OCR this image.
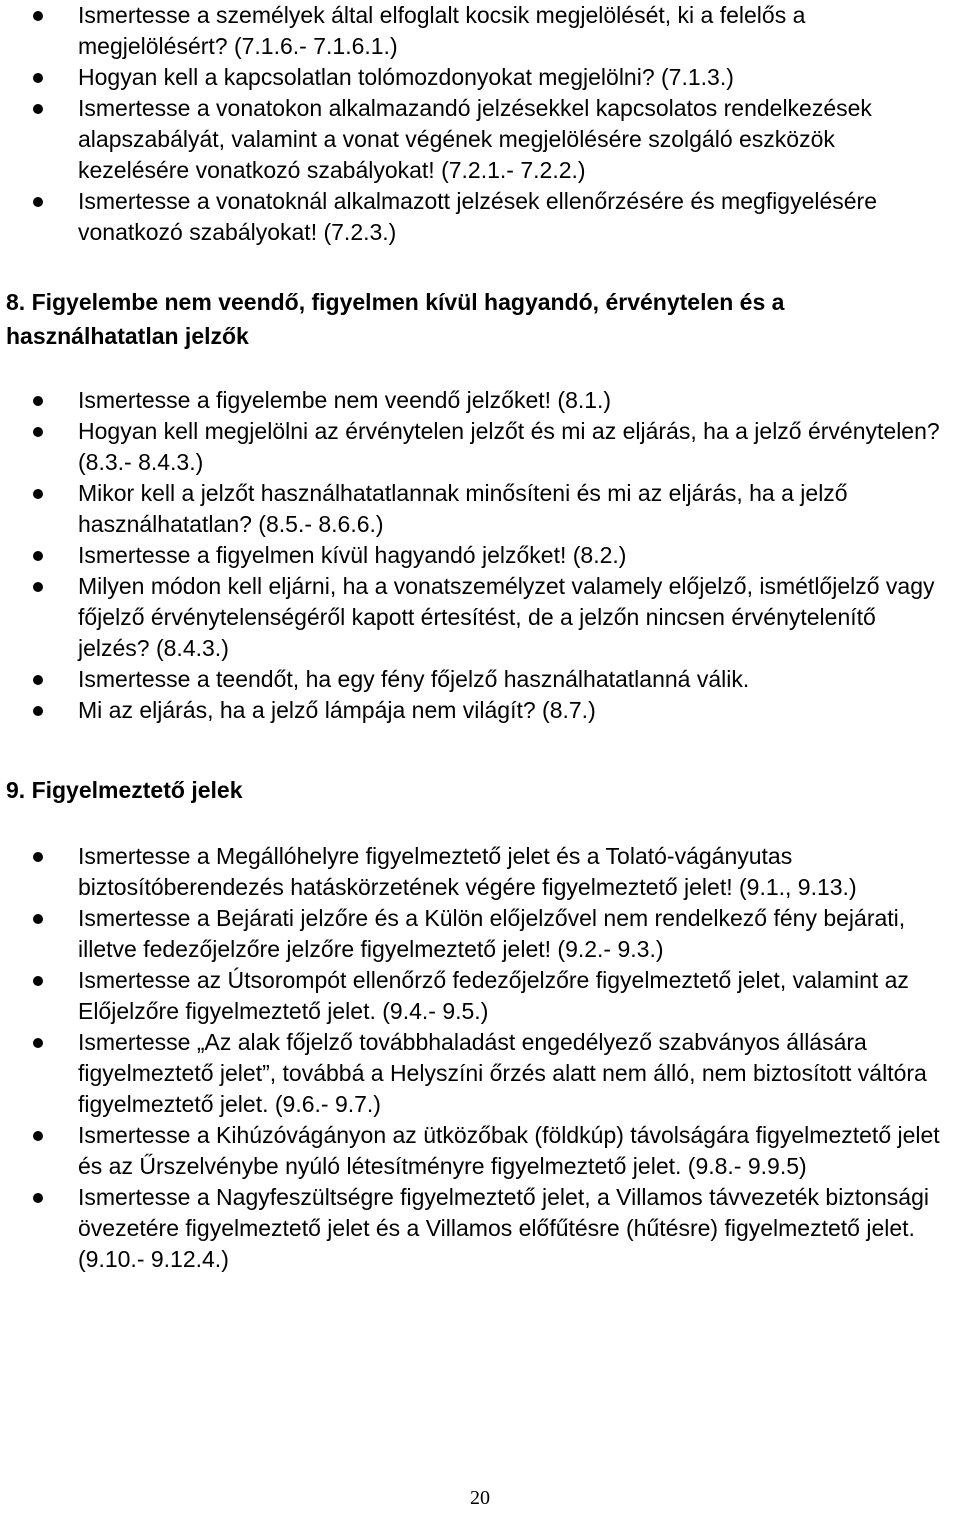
Ismertesse a személyek által elfoglalt kocsik megjelölését, ki a felelős a megjelölésért? (7.1.6.- 7.1.6.1.)
Hogyan kell a kapcsolatlan tolómozdonyokat megjelölni? (7.1.3.)
Ismertesse a vonatokon alkalmazandó jelzésekkel kapcsolatos rendelkezések alapszabályát, valamint a vonat végének megjelölésére szolgáló eszközök kezelésére vonatkozó szabályokat! (7.2.1.- 7.2.2.)
Ismertesse a vonatoknál alkalmazott jelzések ellenőrzésére és megfigyelésére vonatkozó szabályokat! (7.2.3.)
8. Figyelembe nem veendő, figyelmen kívül hagyandó, érvénytelen és a használhatatlan jelzők
Ismertesse a figyelembe nem veendő jelzőket! (8.1.)
Hogyan kell megjelölni az érvénytelen jelzőt és mi az eljárás, ha a jelző érvénytelen? (8.3.- 8.4.3.)
Mikor kell a jelzőt használhatatlannak minősíteni és mi az eljárás, ha a jelző használhatatlan? (8.5.- 8.6.6.)
Ismertesse a figyelmen kívül hagyandó jelzőket! (8.2.)
Milyen módon kell eljárni, ha a vonatszemélyzet valamely előjelző, ismétlőjelző vagy főjelző érvénytelenségéről kapott értesítést, de a jelzőn nincsen érvénytelenítő jelzés? (8.4.3.)
Ismertesse a teendőt, ha egy fény főjelző használhatatlanná válik.
Mi az eljárás, ha a jelző lámpája nem világít? (8.7.)
9. Figyelmeztető jelek
Ismertesse a Megállóhelyre figyelmeztető jelet és a Tolató-vágányutas biztosítóberendezés hatáskörzetének végére figyelmeztető jelet! (9.1., 9.13.)
Ismertesse a Bejárati jelzőre és a Külön előjelzővel nem rendelkező fény bejárati, illetve fedezőjelzőre jelzőre figyelmeztető jelet! (9.2.- 9.3.)
Ismertesse az Útsorompót ellenőrző fedezőjelzőre figyelmeztető jelet, valamint az Előjelzőre figyelmeztető jelet. (9.4.- 9.5.)
Ismertesse „Az alak főjelző továbbhaladást engedélyező szabványos állására figyelmeztető jelet”, továbbá a Helyszíni őrzés alatt nem álló, nem biztosított váltóra figyelmeztető jelet. (9.6.- 9.7.)
Ismertesse a Kihúzóvágányon az ütközőbak (földkúp) távolságára figyelmeztető jelet és az Űrszelvénybe nyúló létesítményre figyelmeztető jelet. (9.8.- 9.9.5)
Ismertesse a Nagyfeszültségre figyelmeztető jelet, a Villamos távvezeték biztonsági övezetére figyelmeztető jelet és a Villamos előfűtésre (hűtésre) figyelmeztető jelet. (9.10.- 9.12.4.)
20
